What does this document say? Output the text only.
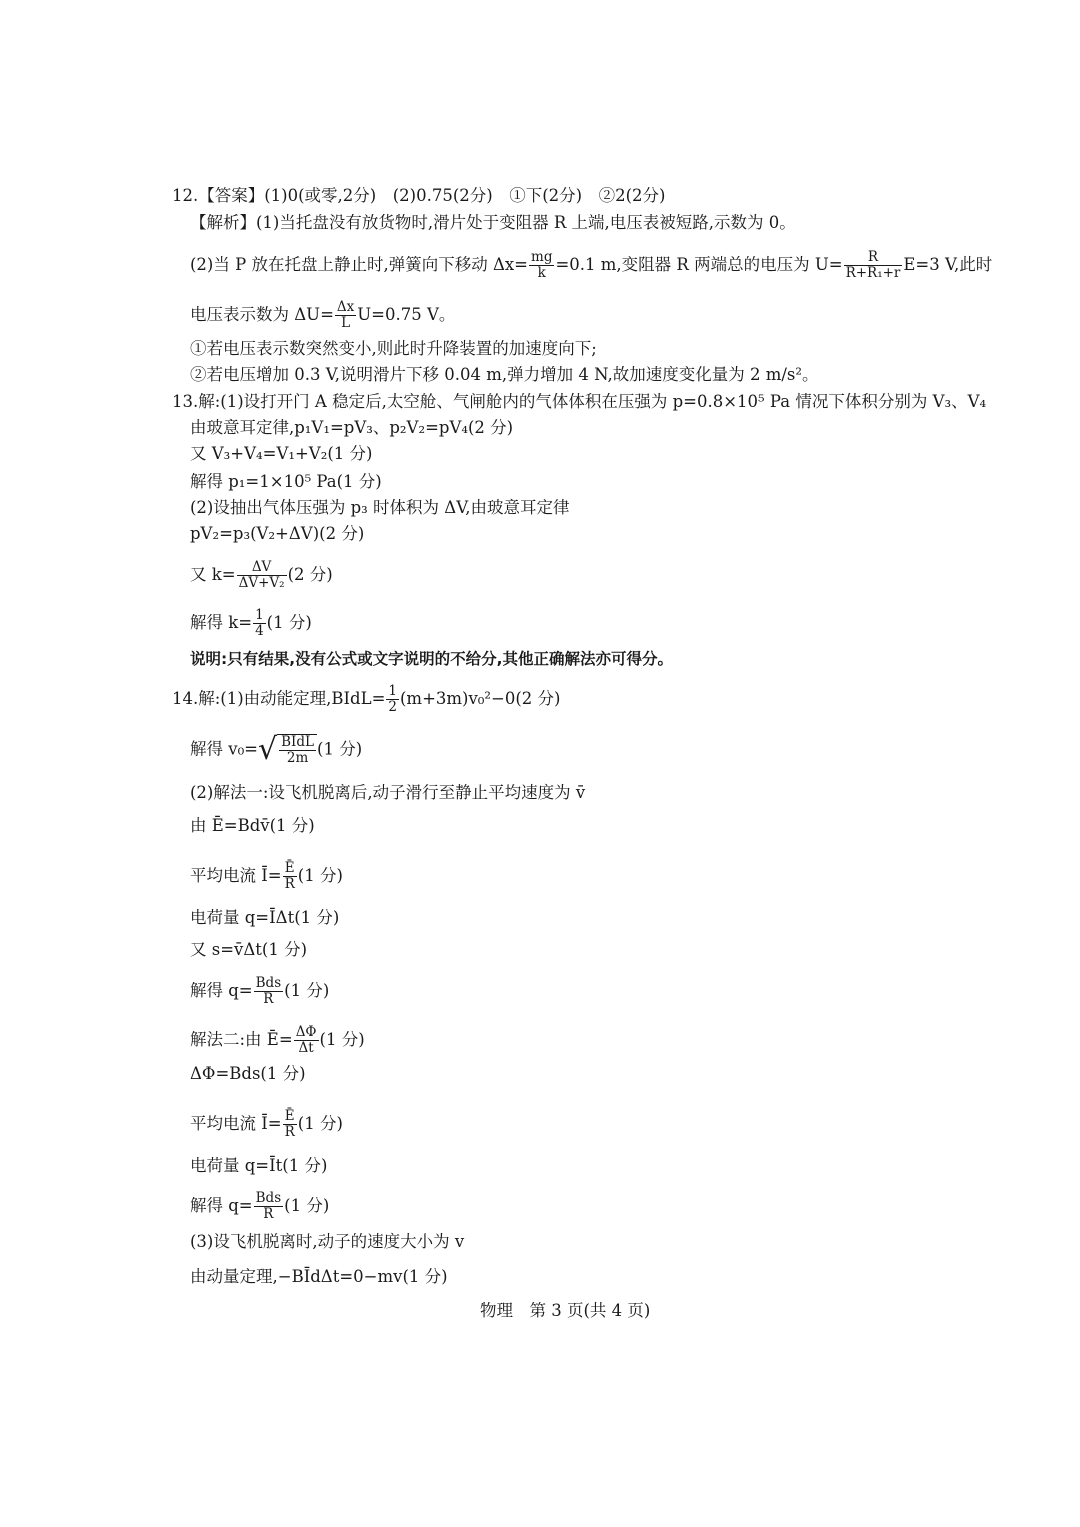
12.【答案】(1)0(或零,2分)　(2)0.75(2分)　①下(2分)　②2(2分)
【解析】(1)当托盘没有放货物时,滑片处于变阻器 R 上端,电压表被短路,示数为 0。
(2)当 P 放在托盘上静止时,弹簧向下移动 $\Delta x= \frac{mg}{k} =0.1$ m,变阻器 R 两端总的电压为 $U= \frac{R}{\text{R+R₁+r}} E=3$ V,此时
电压表示数为 $\Delta U= \frac{\Delta x}{L} U=0.75$ V。
①若电压表示数突然变小,则此时升降装置的加速度向下;
②若电压增加 0.3 V,说明滑片下移 0.04 m,弹力增加 4 N,故加速度变化量为 2 m/s²。
13.解:(1)设打开门 A 稳定后,太空舱、气闸舱内的气体体积在压强为 p=0.8×10⁵ Pa 情况下体积分别为 V₃、V₄
由玻意耳定律,p₁V₁=pV₃、p₂V₂=pV₄(2 分)
又 V₃+V₄=V₁+V₂(1 分)
解得 p₁=1×10⁵ Pa(1 分)
(2)设抽出气体压强为 p₃ 时体积为 ΔV,由玻意耳定律
pV₂=p₃(V₂+ΔV)(2 分)
又 $k= \frac{\Delta V}{\text{ΔV+V₂}} (2$ 分)
解得 $k= \frac{1}{4} (1$ 分)
说明:只有结果,没有公式或文字说明的不给分,其他正确解法亦可得分。
14.解:(1)由动能定理,BIdL= $\frac{1}{2} (m+3m)v_0^2-0(2$ 分)
解得 $v_0=√ \frac{\text{BIdL}}{2m} (1$ 分)
(2)解法一:设飞机脱离后,动子滑行至静止平均速度为 v̄
由 Ē=Bdv̄(1 分)
平均电流 Ī= $\frac{Ē}{R} (1$ 分)
电荷量 q=ĪΔt(1 分)
又 s=v̄Δt(1 分)
解得 $q= \frac{\text{Bds}}{R} (1$ 分)
解法二:由 Ē= $\frac{\Delta\Phi}{\Delta t} (1$ 分)
ΔΦ=Bds(1 分)
平均电流 Ī= $\frac{Ē}{R} (1$ 分)
电荷量 q=Īt(1 分)
解得 $q= \frac{\text{Bds}}{R} (1$ 分)
(3)设飞机脱离时,动子的速度大小为 v
由动量定理,−BĪdΔt=0−mv(1 分)
物理　第 3 页(共 4 页)
